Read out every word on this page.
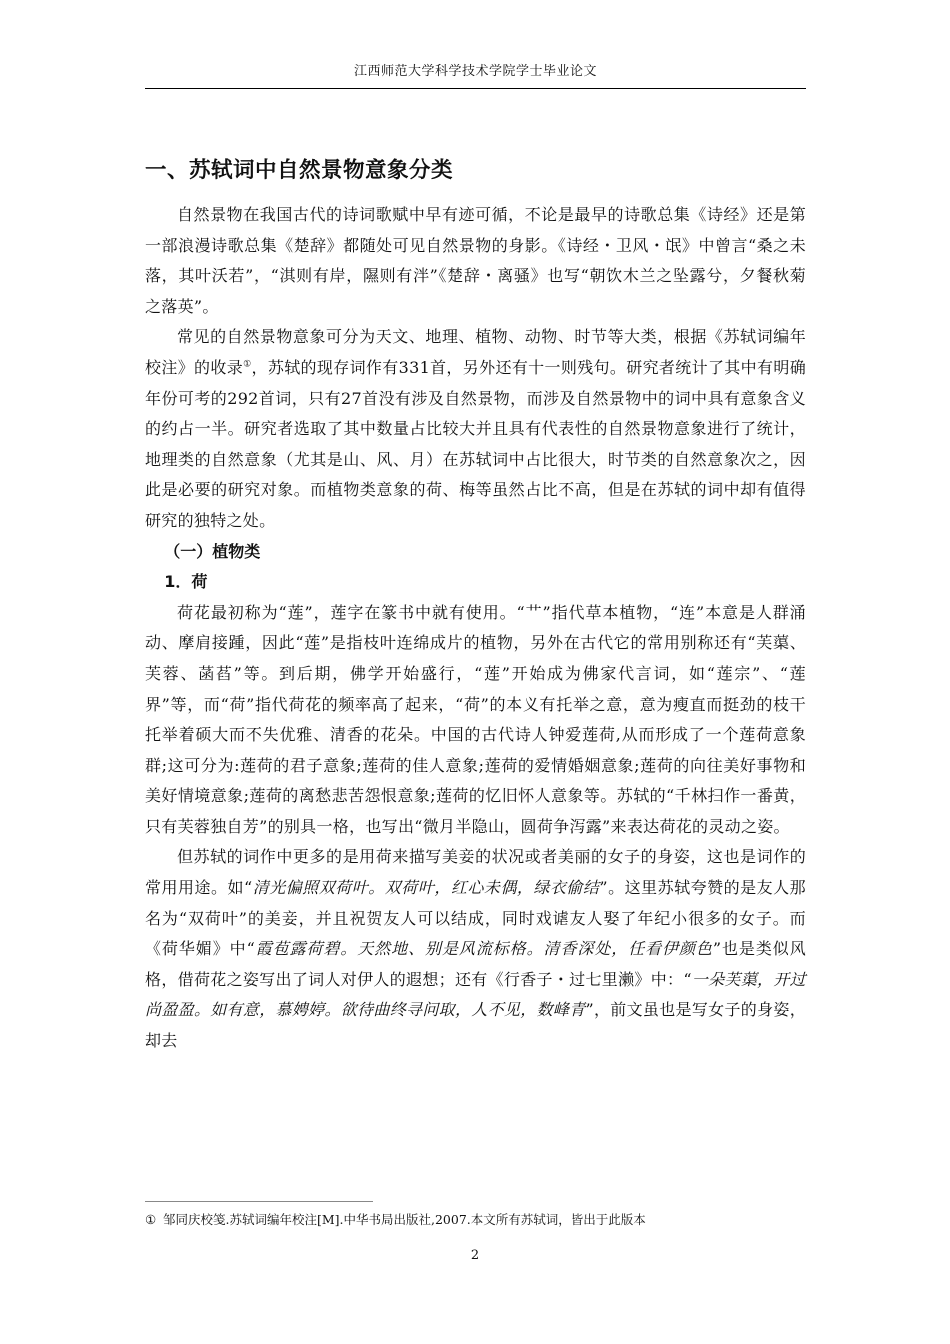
江西师范大学科学技术学院学士毕业论文
一、苏轼词中自然景物意象分类

自然景物在我国古代的诗词歌赋中早有迹可循，不论是最早的诗歌总集《诗经》还是第一部浪漫诗歌总集《楚辞》都随处可见自然景物的身影。《诗经・卫风・氓》中曾言“桑之未落，其叶沃若”，“淇则有岸，隰则有泮”《楚辞・离骚》也写“朝饮木兰之坠露兮，夕餐秋菊之落英”。

常见的自然景物意象可分为天文、地理、植物、动物、时节等大类，根据《苏轼词编年校注》的收录①，苏轼的现存词作有331首，另外还有十一则残句。研究者统计了其中有明确年份可考的292首词，只有27首没有涉及自然景物，而涉及自然景物中的词中具有意象含义的约占一半。研究者选取了其中数量占比较大并且具有代表性的自然景物意象进行了统计，地理类的自然意象（尤其是山、风、月）在苏轼词中占比很大，时节类的自然意象次之，因此是必要的研究对象。而植物类意象的荷、梅等虽然占比不高，但是在苏轼的词中却有值得研究的独特之处。

（一）植物类

1．荷

荷花最初称为“莲”，莲字在篆书中就有使用。“艹”指代草本植物，“连”本意是人群涌动、摩肩接踵，因此“莲”是指枝叶连绵成片的植物，另外在古代它的常用别称还有“芙蕖、芙蓉、菡萏”等。到后期，佛学开始盛行，“莲”开始成为佛家代言词，如“莲宗”、“莲界”等，而“荷”指代荷花的频率高了起来，“荷”的本义有托举之意，意为瘦直而挺劲的枝干托举着硕大而不失优雅、清香的花朵。中国的古代诗人钟爱莲荷,从而形成了一个莲荷意象群;这可分为:莲荷的君子意象;莲荷的佳人意象;莲荷的爱情婚姻意象;莲荷的向往美好事物和美好情境意象;莲荷的离愁悲苦怨恨意象;莲荷的忆旧怀人意象等。苏轼的“千林扫作一番黄，只有芙蓉独自芳”的别具一格，也写出“微月半隐山，圆荷争泻露”来表达荷花的灵动之姿。

但苏轼的词作中更多的是用荷来描写美妾的状况或者美丽的女子的身姿，这也是词作的常用用途。如“清光偏照双荷叶。双荷叶，红心未偶，绿衣偷结”。这里苏轼夸赞的是友人那名为“双荷叶”的美妾，并且祝贺友人可以结成，同时戏谑友人娶了年纪小很多的女子。而《荷华媚》中“霞苞露荷碧。天然地、别是风流标格。清香深处，任看伊颜色”也是类似风格，借荷花之姿写出了词人对伊人的遐想；还有《行香子・过七里濑》中：“一朵芙蕖，开过尚盈盈。如有意，慕娉婷。欲待曲终寻问取，人不见，数峰青”，前文虽也是写女子的身姿，却去

① 邹同庆校笺.苏轼词编年校注[M].中华书局出版社,2007.本文所有苏轼词，皆出于此版本
2
